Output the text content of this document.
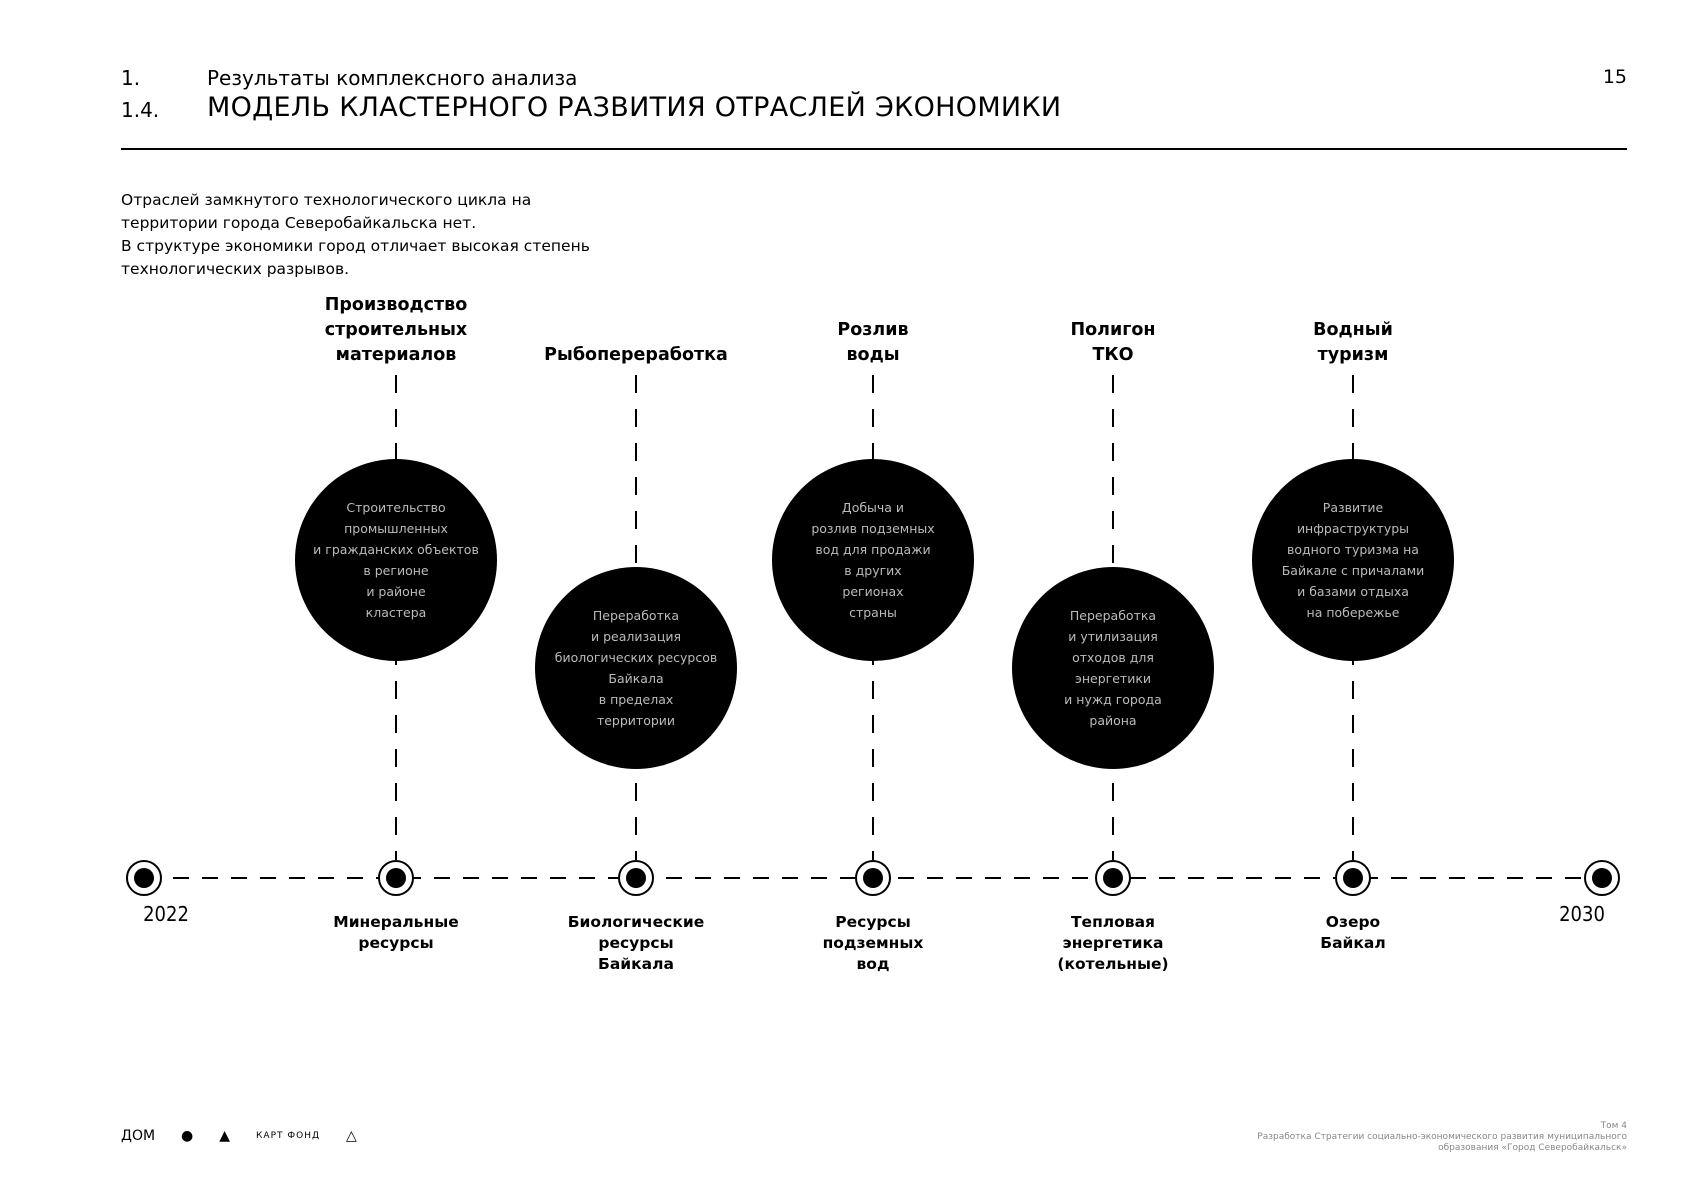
1.	Результаты комплексного анализа
1.4. МОДЕЛЬ КЛАСТЕРНОГО РАЗВИТИЯ ОТРАСЛЕЙ ЭКОНОМИКИ
15

Отраслей замкнутого технологического цикла на территории города Северобайкальска нет.

В структуре экономики город отличает высокая степень технологических разрывов.

2022	2030
Производство
строительных
материалов
Минеральные
ресурсы
Строительство
промышленных
и гражданских объектов
в регионе
и районе
кластера
Рыбопереработка
Биологические
ресурсы
Байкала
Переработка
и реализация
биологических ресурсов
Байкала
в пределах
территории
Розлив
воды
Ресурсы
подземных
вод
Добыча и
розлив подземных
вод для продажи
в других
регионах
страны
Полигон
ТКО
Тепловая
энергетика
(котельные)
Переработка
и утилизация
отходов для
энергетики
и нужд города
района
Водный
туризм
Озеро
Байкал
Развитие
инфраструктуры
водного туризма на
Байкале с причалами
и базами отдыха
на побережье
ДОМ ● ▲	КАРТ ФОНД △
Том 4
Разработка Стратегии социально-экономического развития муниципального
образования «Город Северобайкальск»
